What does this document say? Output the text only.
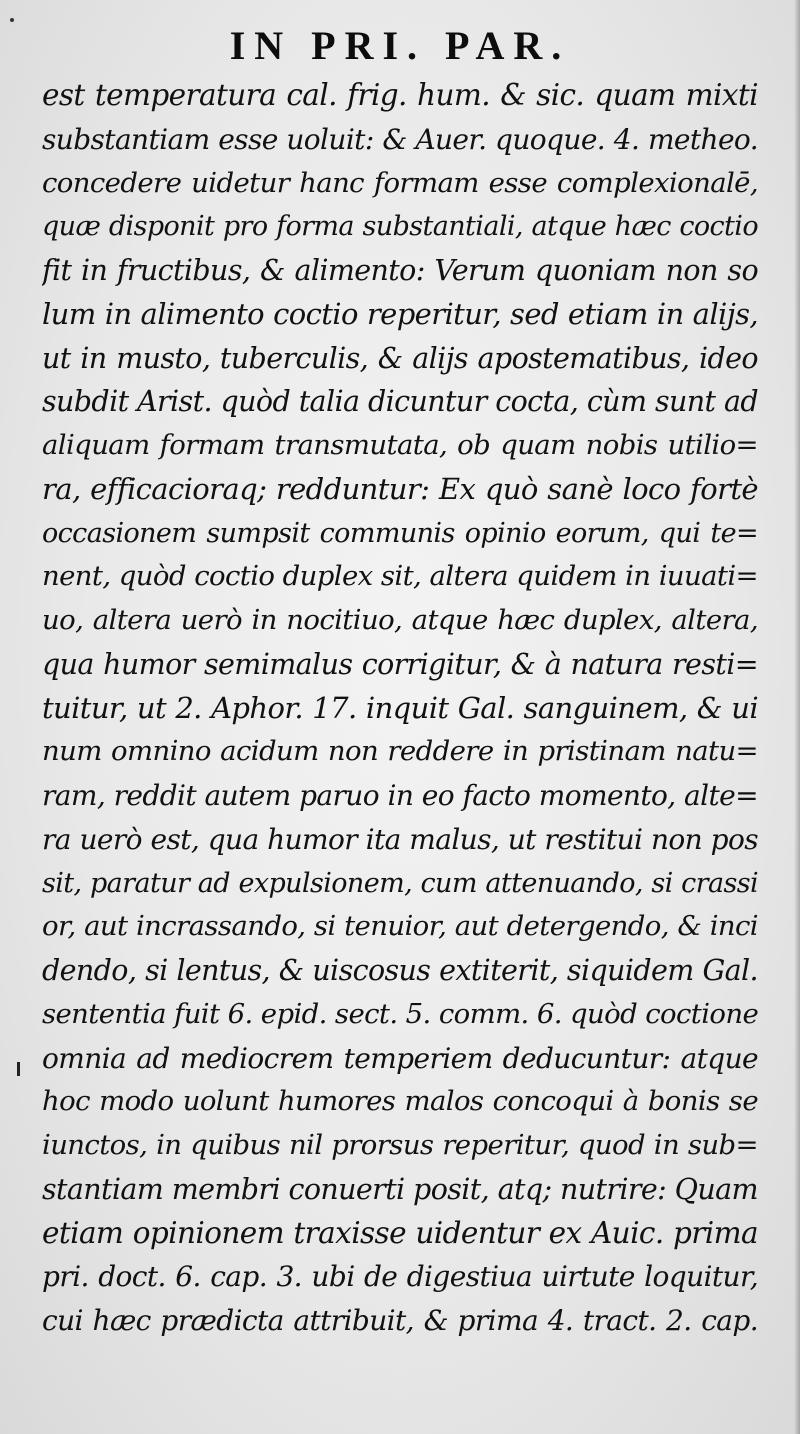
IN PRI. PAR.
est temperatura cal. frig. hum. & sic. quam mixti
substantiam esse uoluit: & Auer. quoque. 4. metheo.
concedere uidetur hanc formam esse complexionalē,
quæ disponit pro forma substantiali, atque hæc coctio
fit in fructibus, & alimento: Verum quoniam non so
lum in alimento coctio reperitur, sed etiam in alijs,
ut in musto, tuberculis, & alijs apostematibus, ideo
subdit Arist. quòd talia dicuntur cocta, cùm sunt ad
aliquam formam transmutata, ob quam nobis utilio=
ra, efficacioraq; redduntur: Ex quò sanè loco fortè
occasionem sumpsit communis opinio eorum, qui te=
nent, quòd coctio duplex sit, altera quidem in iuuati=
uo, altera uerò in nocitiuo, atque hæc duplex, altera,
qua humor semimalus corrigitur, & à natura resti=
tuitur, ut 2. Aphor. 17. inquit Gal. sanguinem, & ui
num omnino acidum non reddere in pristinam natu=
ram, reddit autem paruo in eo facto momento, alte=
ra uerò est, qua humor ita malus, ut restitui non pos
sit, paratur ad expulsionem, cum attenuando, si crassi
or, aut incrassando, si tenuior, aut detergendo, & inci
dendo, si lentus, & uiscosus extiterit, siquidem Gal.
sententia fuit 6. epid. sect. 5. comm. 6. quòd coctione
omnia ad mediocrem temperiem deducuntur: atque
hoc modo uolunt humores malos concoqui à bonis se
iunctos, in quibus nil prorsus reperitur, quod in sub=
stantiam membri conuerti posit, atq; nutrire: Quam
etiam opinionem traxisse uidentur ex Auic. prima
pri. doct. 6. cap. 3. ubi de digestiua uirtute loquitur,
cui hæc prædicta attribuit, & prima 4. tract. 2. cap.
